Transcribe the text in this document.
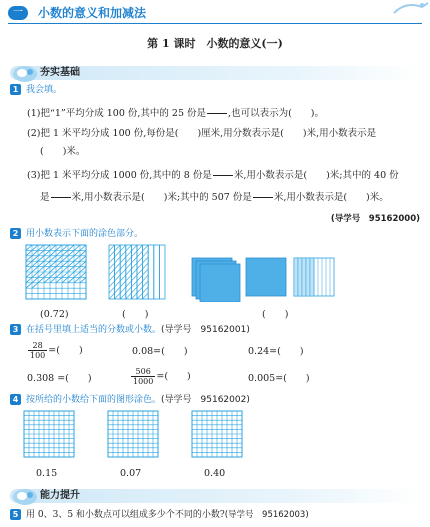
一	小数的意义和加减法
第 1 课时　小数的意义(一)
夯实基础
1 我会填。
(1)把“1”平均分成 100 份,其中的 25 份是

　　 ,也可以表示为(　　)。
(2)把 1 米平均分成 100 份,每份是(　　)厘米,用分数表示是(　　)米,用小数表示是
(　　)米。
(3)把 1 米平均分成 1000 份,其中的 8 份是

　　 米,用小数表示是(　　)米;其中的 40 份
是

　　 米,用小数表示是(　　)米;其中的 507 份是

　　 米,用小数表示是(　　)米。
(导学号　95162000)
2 用小数表示下面的涂色部分。
(0.72)	(　　)	(　　)
3 在括号里填上适当的分数或小数。(导学号　95162001)
$\frac{28}{100}$ =(　　)	0.08=(　　)	0.24=(　　)
0.308 =(　　)	$\frac{506}{1000}$ =(　　)	0.005=(　　)
4 按所给的小数给下面的图形涂色。(导学号　95162002)
0.15	0.07	0.40
能力提升
5 用 0、3、5 和小数点可以组成多少个不同的小数?(导学号　95162003)
